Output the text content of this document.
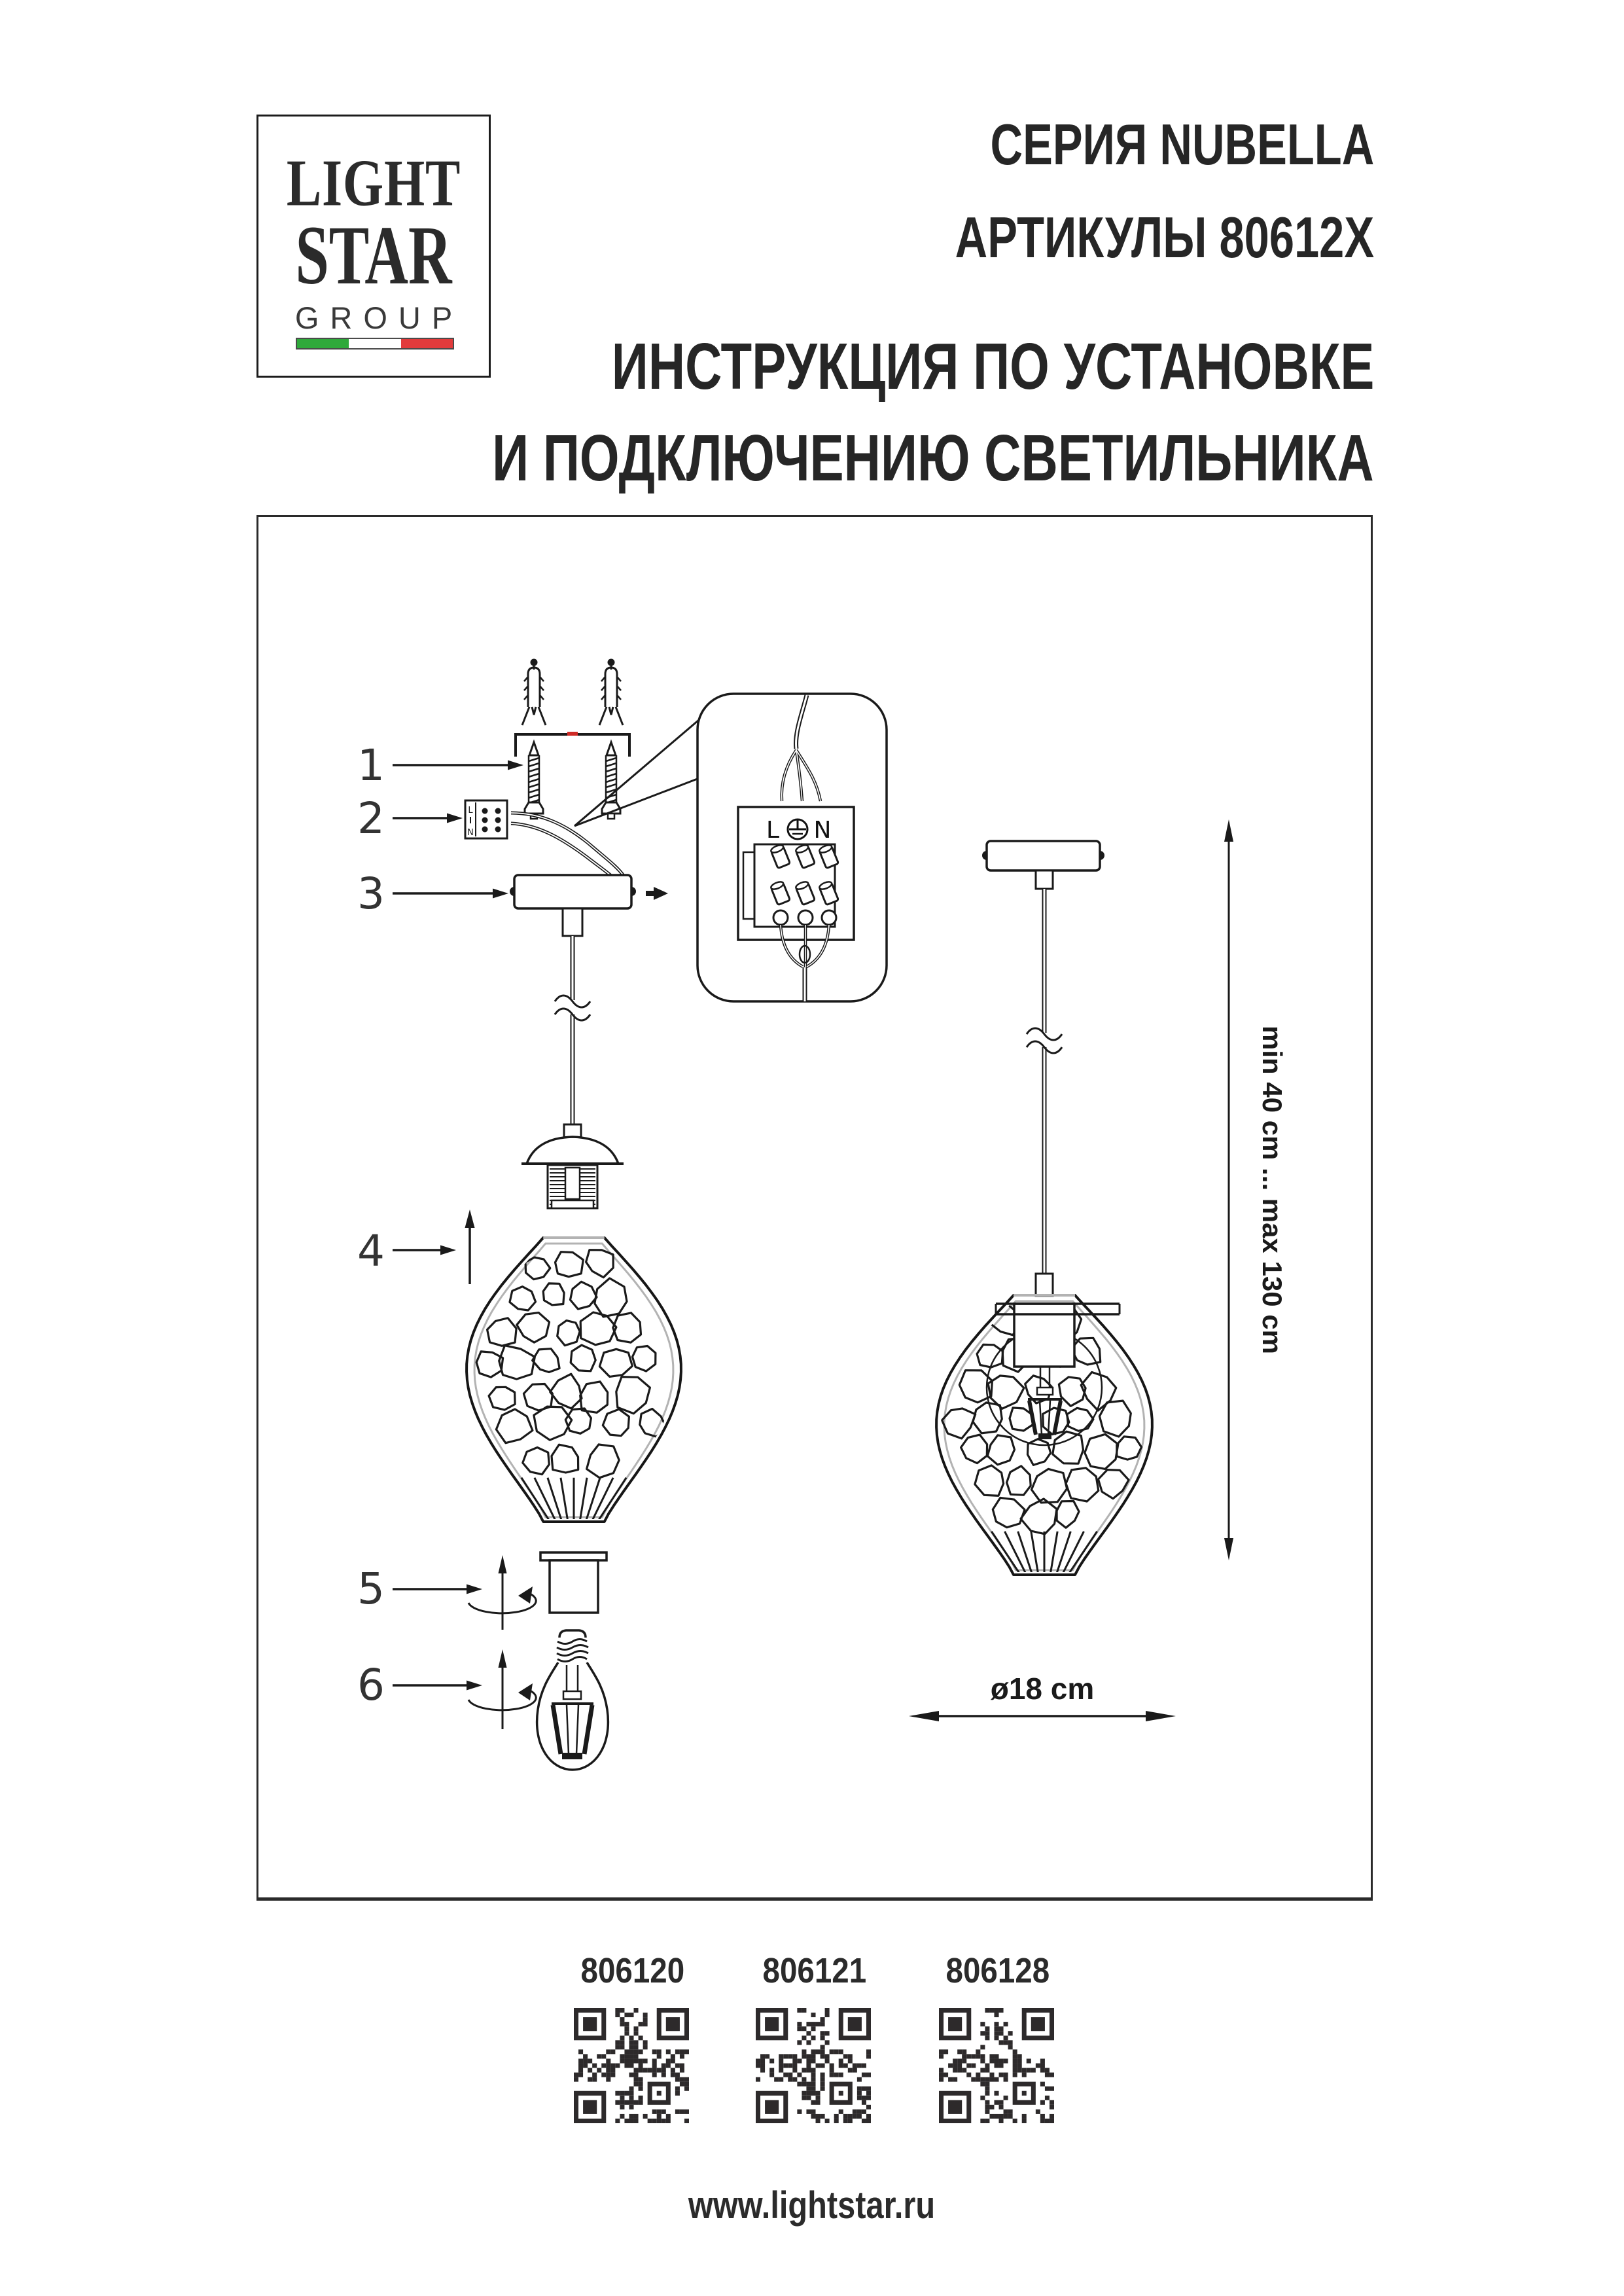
LIGHT
STAR
GROUP
СЕРИЯ NUBELLA
АРТИКУЛЫ 80612X
ИНСТРУКЦИЯ ПО УСТАНОВКЕ
И ПОДКЛЮЧЕНИЮ СВЕТИЛЬНИКА
1
2
3
4
5
6
L
N	L N
min 40 cm ... max 130 cm
ø18 cm
806120 806121 806128
www.lightstar.ru
